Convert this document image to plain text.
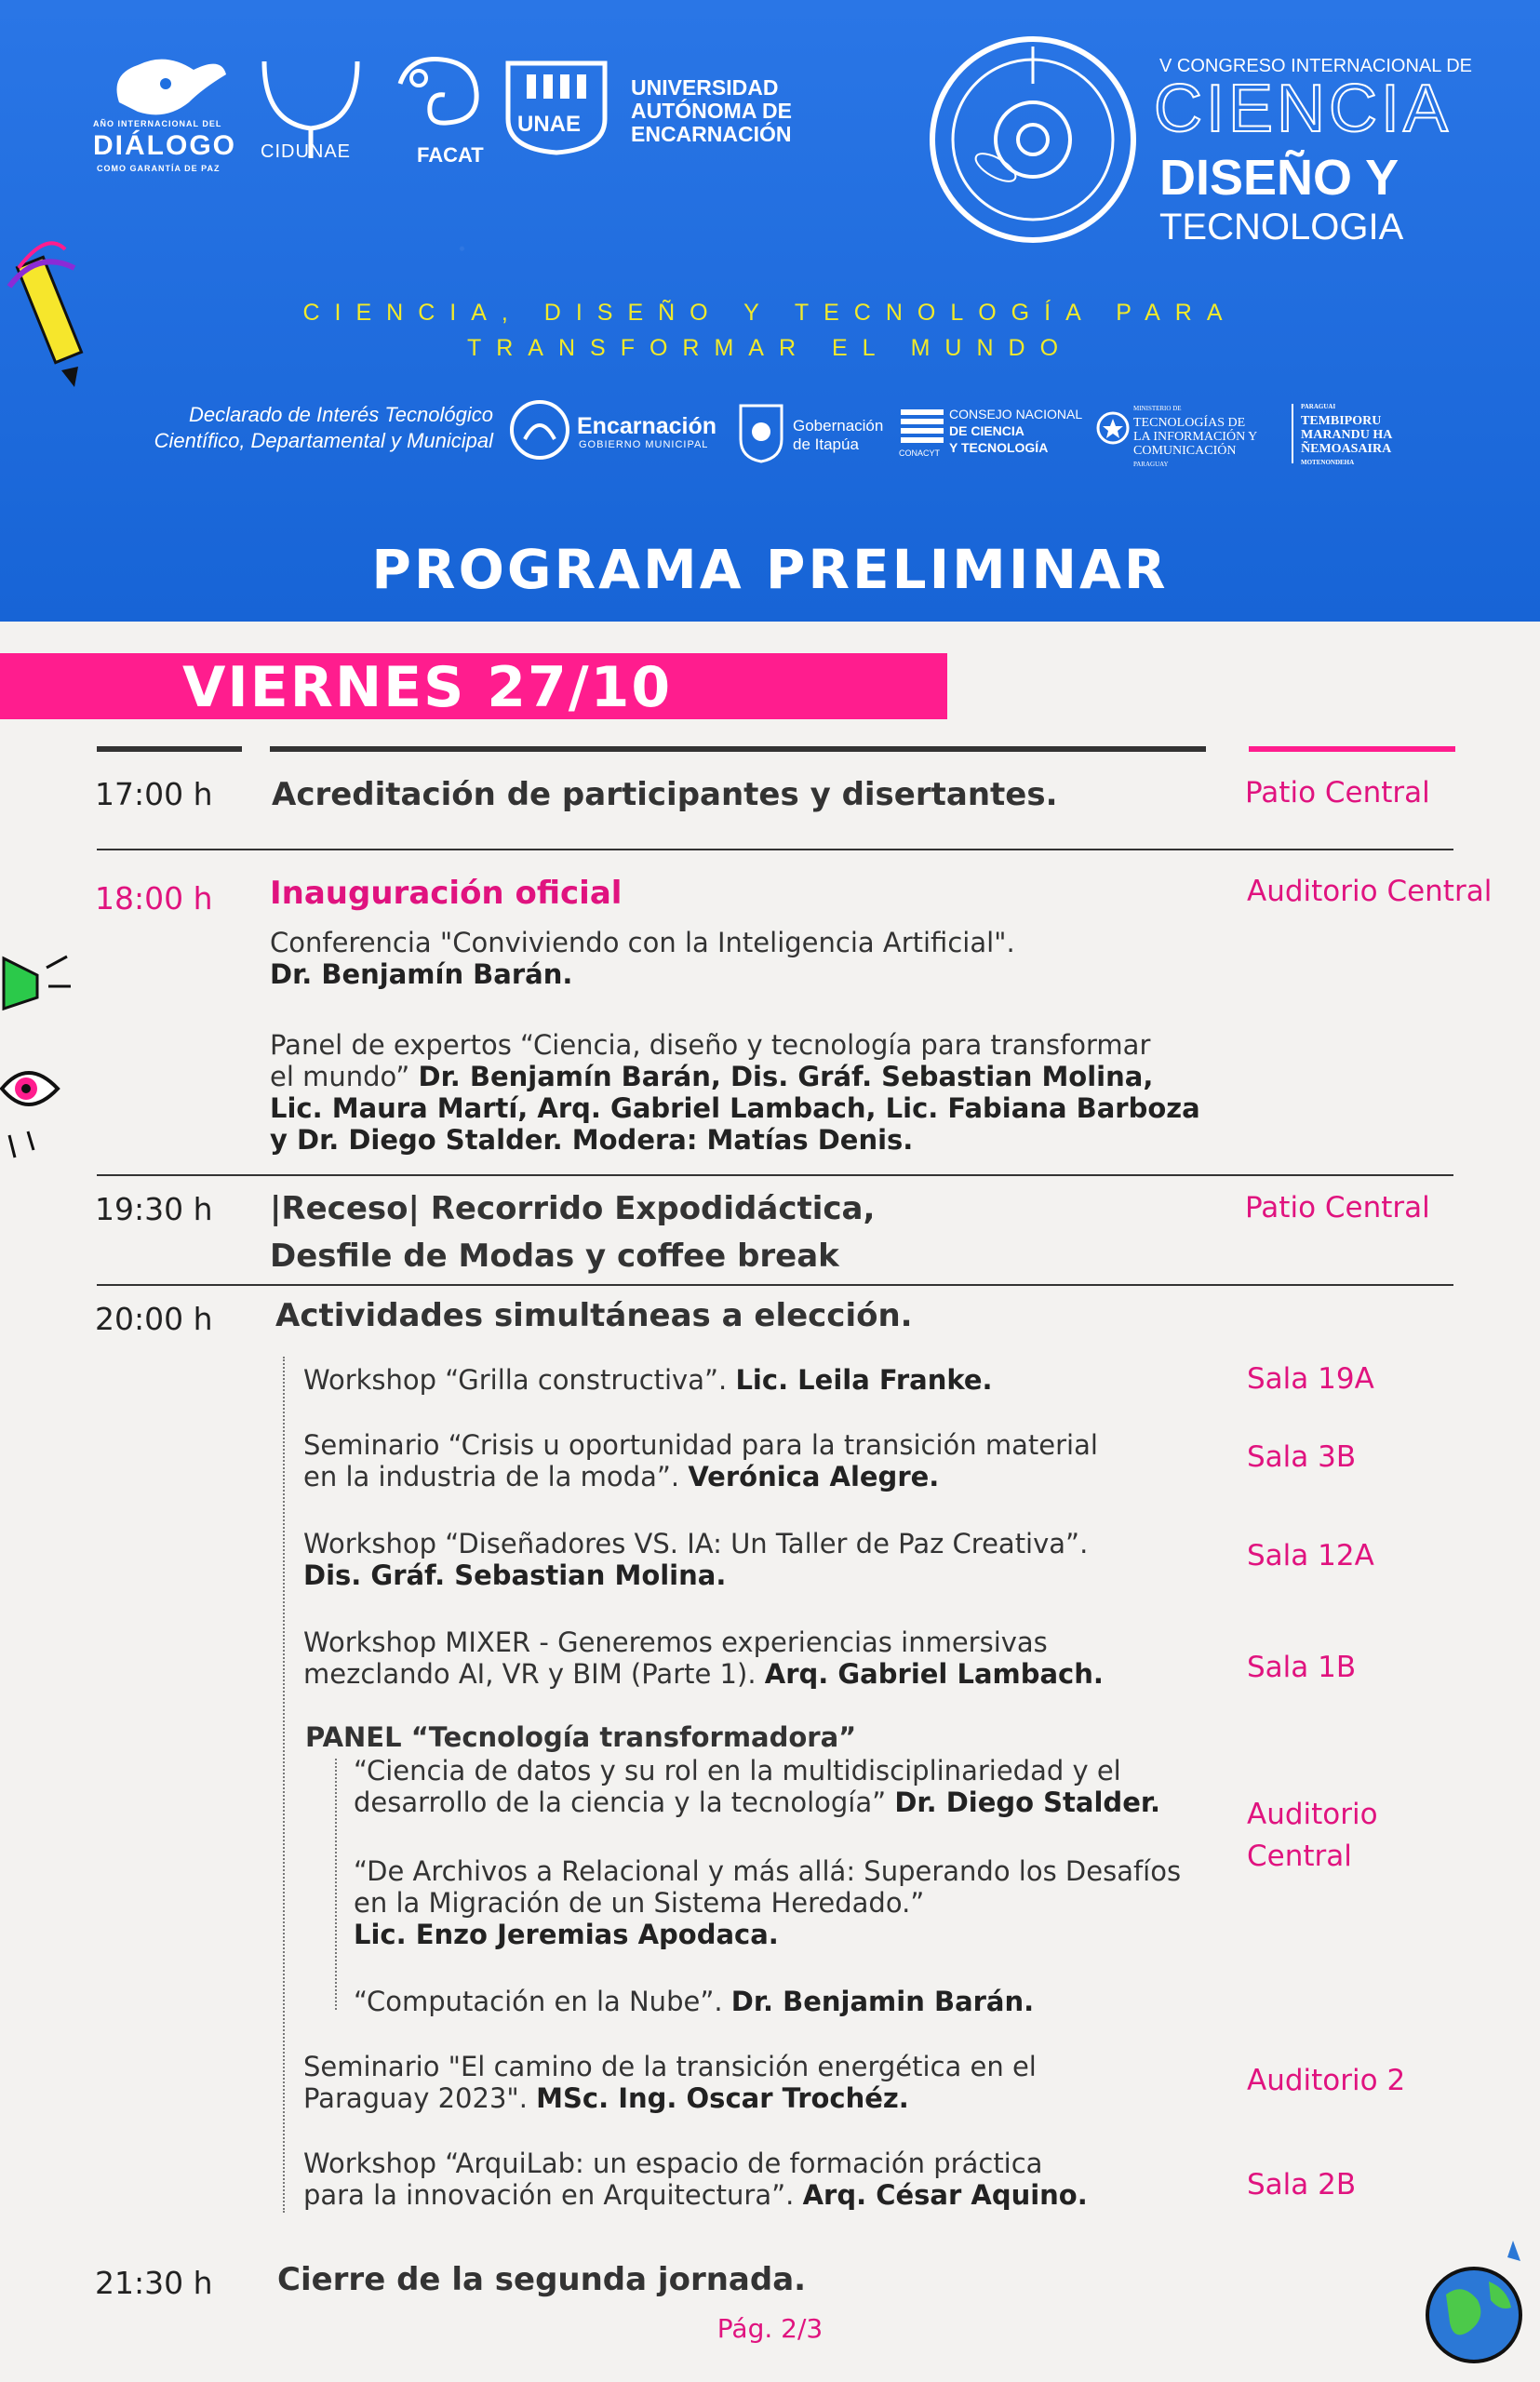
AÑO INTERNACIONAL DEL
DIÁLOGO
COMO GARANTÍA DE PAZ
CIDUNAE	FACAT
UNAE
UNIVERSIDAD
AUTÓNOMA DE
ENCARNACIÓN
V CONGRESO INTERNACIONAL DE
CIENCIA
DISEÑO Y
TECNOLOGIA
CIENCIA, DISEÑO Y TECNOLOGÍA PARA
TRANSFORMAR EL MUNDO
Declarado de Interés Tecnológico
Científico, Departamental y Municipal
Encarnación
GOBIERNO MUNICIPAL
Gobernación
de Itapúa	CONACYT
CONSEJO NACIONAL
DE CIENCIA
Y TECNOLOGÍA
MINISTERIO DE
TECNOLOGÍAS DE
LA INFORMACIÓN Y
COMUNICACIÓN
PARAGUAY
PARAGUAI
TEMBIPORU
MARANDU HA
ÑEMOASAIRA
MOTENONDEHA
PROGRAMA PRELIMINAR
VIERNES 27/10
17:00 h Acreditación de participantes y disertantes.	Patio Central
18:00 h Inauguración oficial	Auditorio Central
Conferencia "Conviviendo con la Inteligencia Artificial".
Dr. Benjamín Barán.
Panel de expertos “Ciencia, diseño y tecnología para transformar
el mundo” Dr. Benjamín Barán, Dis. Gráf. Sebastian Molina,
Lic. Maura Martí, Arq. Gabriel Lambach, Lic. Fabiana Barboza
y Dr. Diego Stalder. Modera: Matías Denis.
19:30 h |Receso| Recorrido Expodidáctica,
Desfile de Modas y coffee break
Patio Central
20:00 h Actividades simultáneas a elección.
Workshop “Grilla constructiva”. Lic. Leila Franke.	Sala 19A
Seminario “Crisis u oportunidad para la transición material
en la industria de la moda”. Verónica Alegre.
Sala 3B
Workshop “Diseñadores VS. IA: Un Taller de Paz Creativa”.
Dis. Gráf. Sebastian Molina.
Sala 12A
Workshop MIXER - Generemos experiencias inmersivas
mezclando AI, VR y BIM (Parte 1). Arq. Gabriel Lambach.	Sala 1B
PANEL “Tecnología transformadora”
“Ciencia de datos y su rol en la multidisciplinariedad y el
desarrollo de la ciencia y la tecnología” Dr. Diego Stalder.
“De Archivos a Relacional y más allá: Superando los Desafíos
en la Migración de un Sistema Heredado.”
Lic. Enzo Jeremias Apodaca.
“Computación en la Nube”. Dr. Benjamin Barán.
Auditorio
Central
Seminario "El camino de la transición energética en el
Paraguay 2023". MSc. Ing. Oscar Trochéz.
Auditorio 2
Workshop “ArquiLab: un espacio de formación práctica
para la innovación en Arquitectura”. Arq. César Aquino.	Sala 2B
21:30 h Cierre de la segunda jornada.
Pág. 2/3
